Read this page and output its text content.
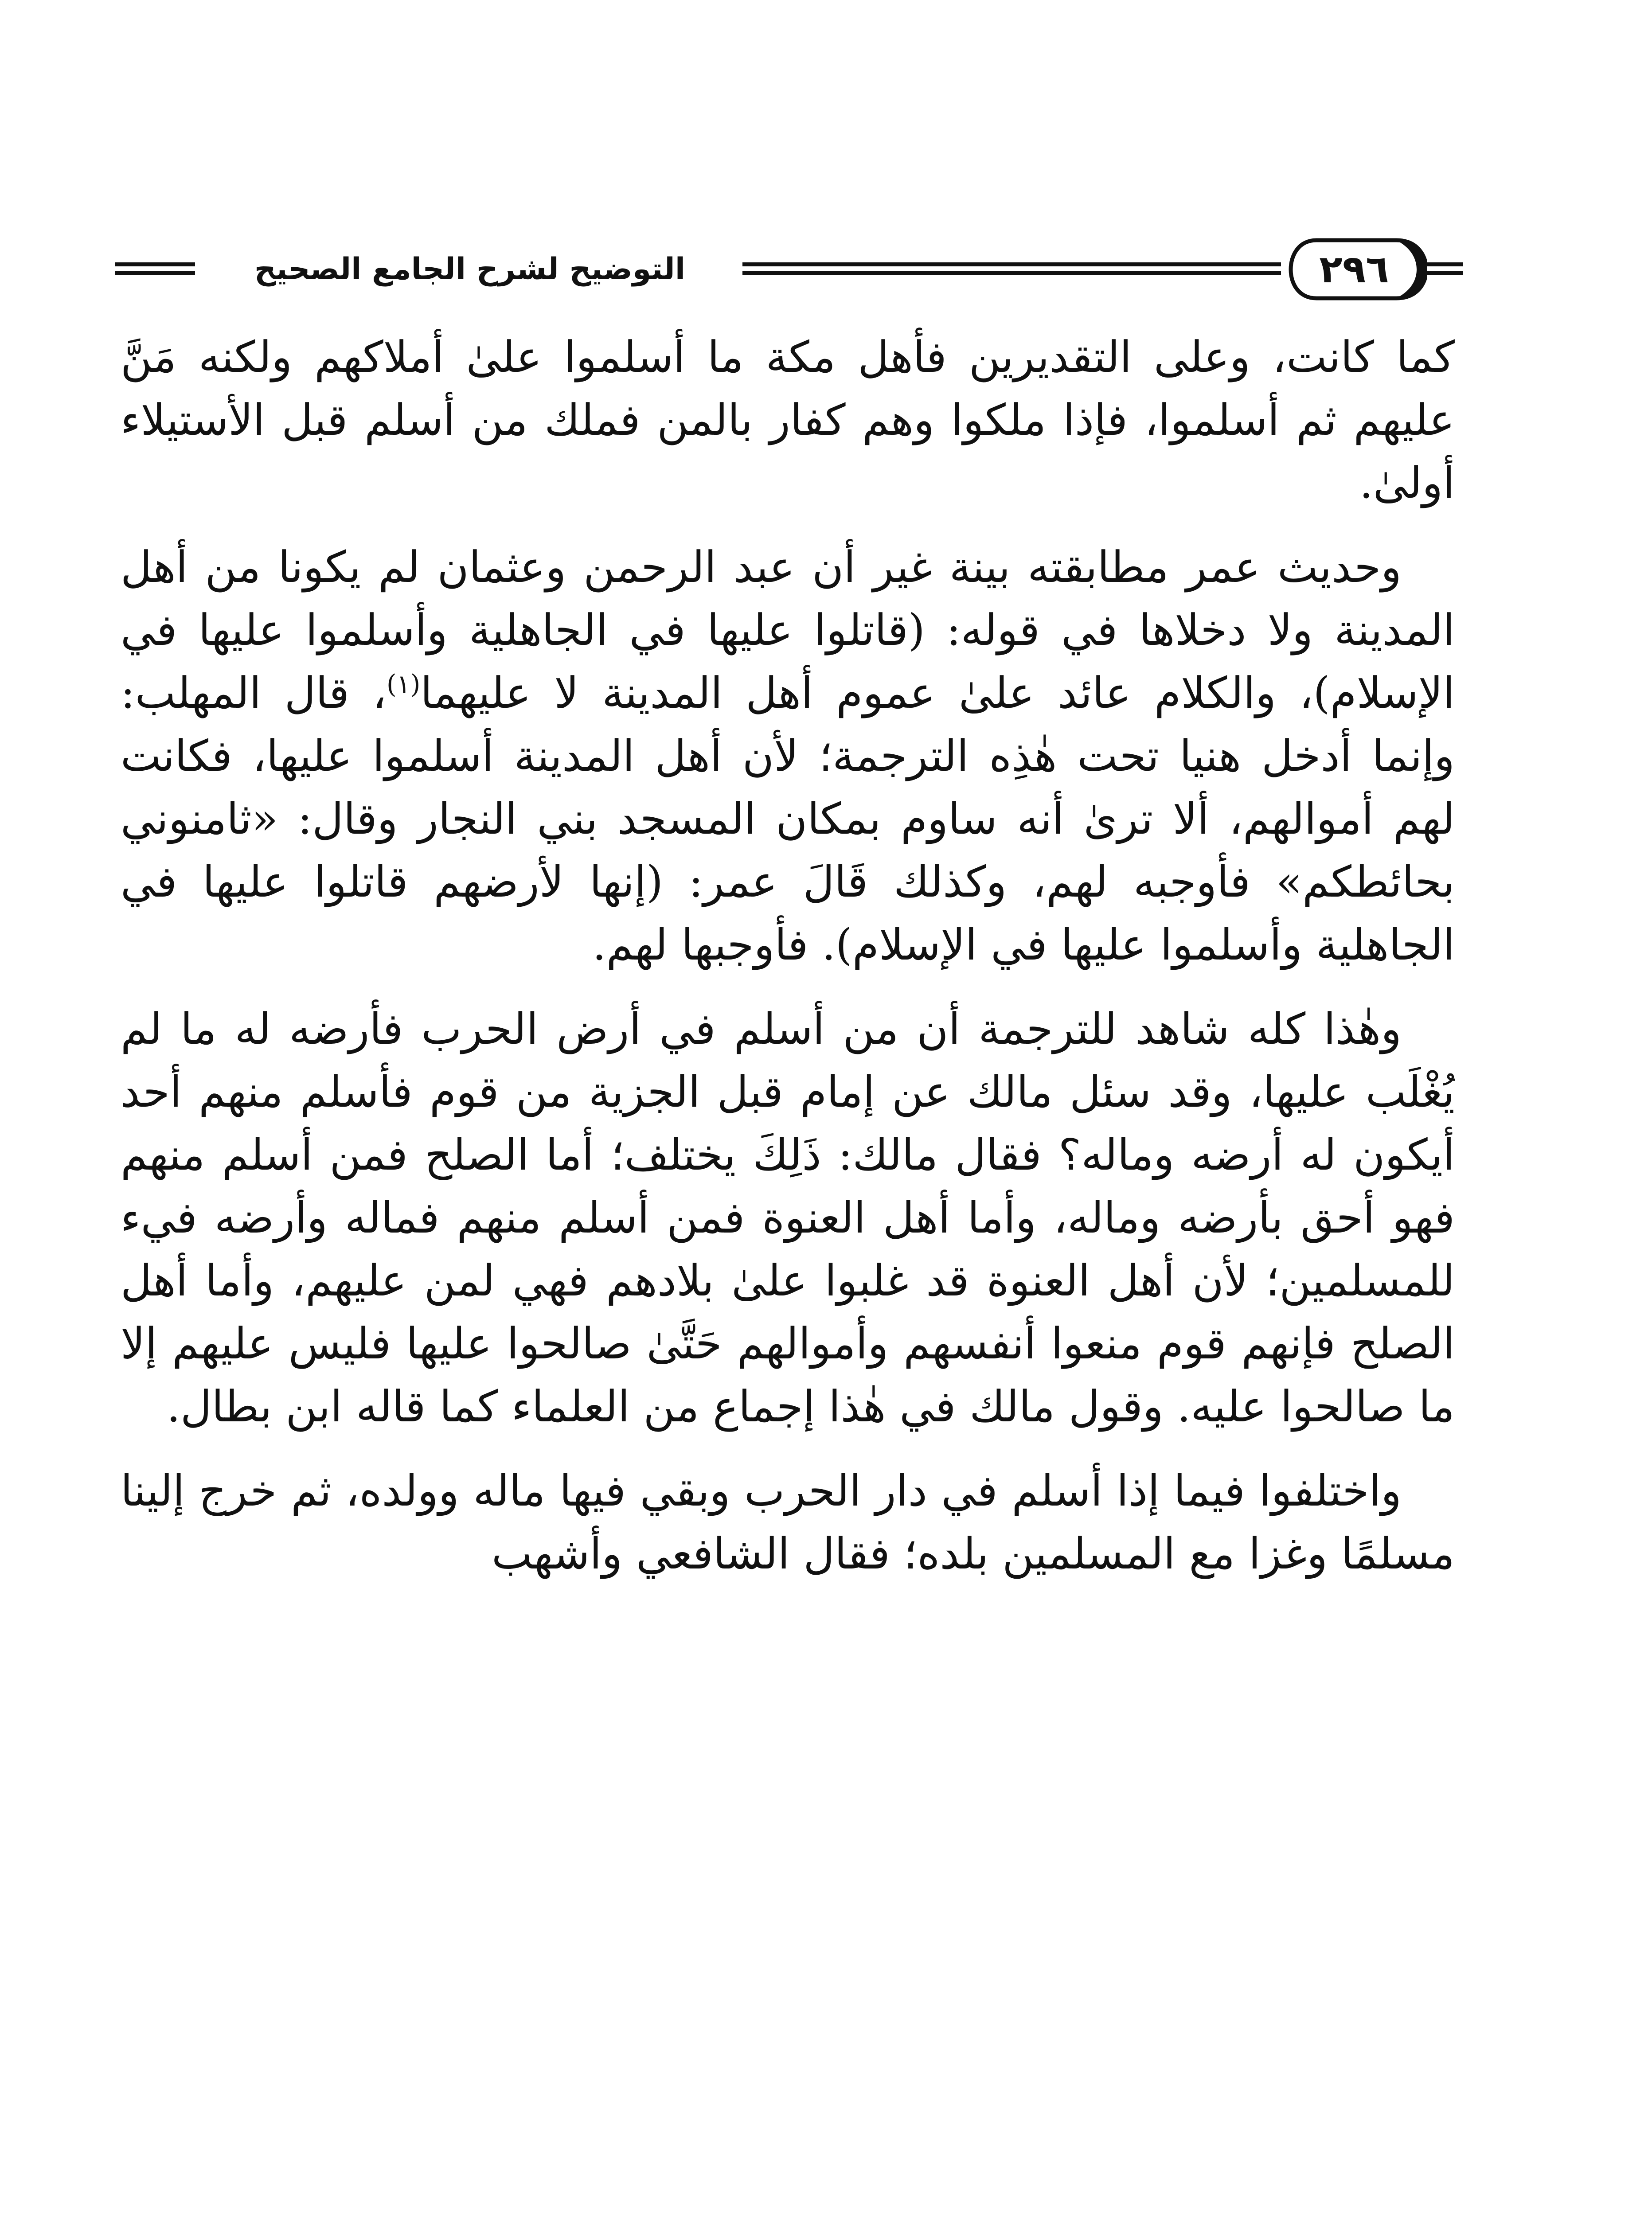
التوضيح لشرح الجامع الصحيح	٢٩٦

كما كانت، وعلى التقديرين فأهل مكة ما أسلموا علىٰ أملاكهم ولكنه مَنَّ عليهم ثم أسلموا، فإذا ملكوا وهم كفار بالمن فملك من أسلم قبل الأستيلاء أولىٰ.

وحديث عمر مطابقته بينة غير أن عبد الرحمن وعثمان لم يكونا من أهل المدينة ولا دخلاها في قوله: (قاتلوا عليها في الجاهلية وأسلموا عليها في الإسلام)، والكلام عائد علىٰ عموم أهل المدينة لا عليهما$^{(١)}$، قال المهلب: وإنما أدخل هنيا تحت هٰذِه الترجمة؛ لأن أهل المدينة أسلموا عليها، فكانت لهم أموالهم، ألا ترىٰ أنه ساوم بمكان المسجد بني النجار وقال: «ثامنوني بحائطكم» فأوجبه لهم، وكذلك قَالَ عمر: (إنها لأرضهم قاتلوا عليها في الجاهلية وأسلموا عليها في الإسلام). فأوجبها لهم.

وهٰذا كله شاهد للترجمة أن من أسلم في أرض الحرب فأرضه له ما لم يُغْلَب عليها، وقد سئل مالك عن إمام قبل الجزية من قوم فأسلم منهم أحد أيكون له أرضه وماله؟ فقال مالك: ذَلِكَ يختلف؛ أما الصلح فمن أسلم منهم فهو أحق بأرضه وماله، وأما أهل العنوة فمن أسلم منهم فماله وأرضه فيء للمسلمين؛ لأن أهل العنوة قد غلبوا علىٰ بلادهم فهي لمن عليهم، وأما أهل الصلح فإنهم قوم منعوا أنفسهم وأموالهم حَتَّىٰ صالحوا عليها فليس عليهم إلا ما صالحوا عليه. وقول مالك في هٰذا إجماع من العلماء كما قاله ابن بطال.

واختلفوا فيما إذا أسلم في دار الحرب وبقي فيها ماله وولده، ثم خرج إلينا مسلمًا وغزا مع المسلمين بلده؛ فقال الشافعي وأشهب
